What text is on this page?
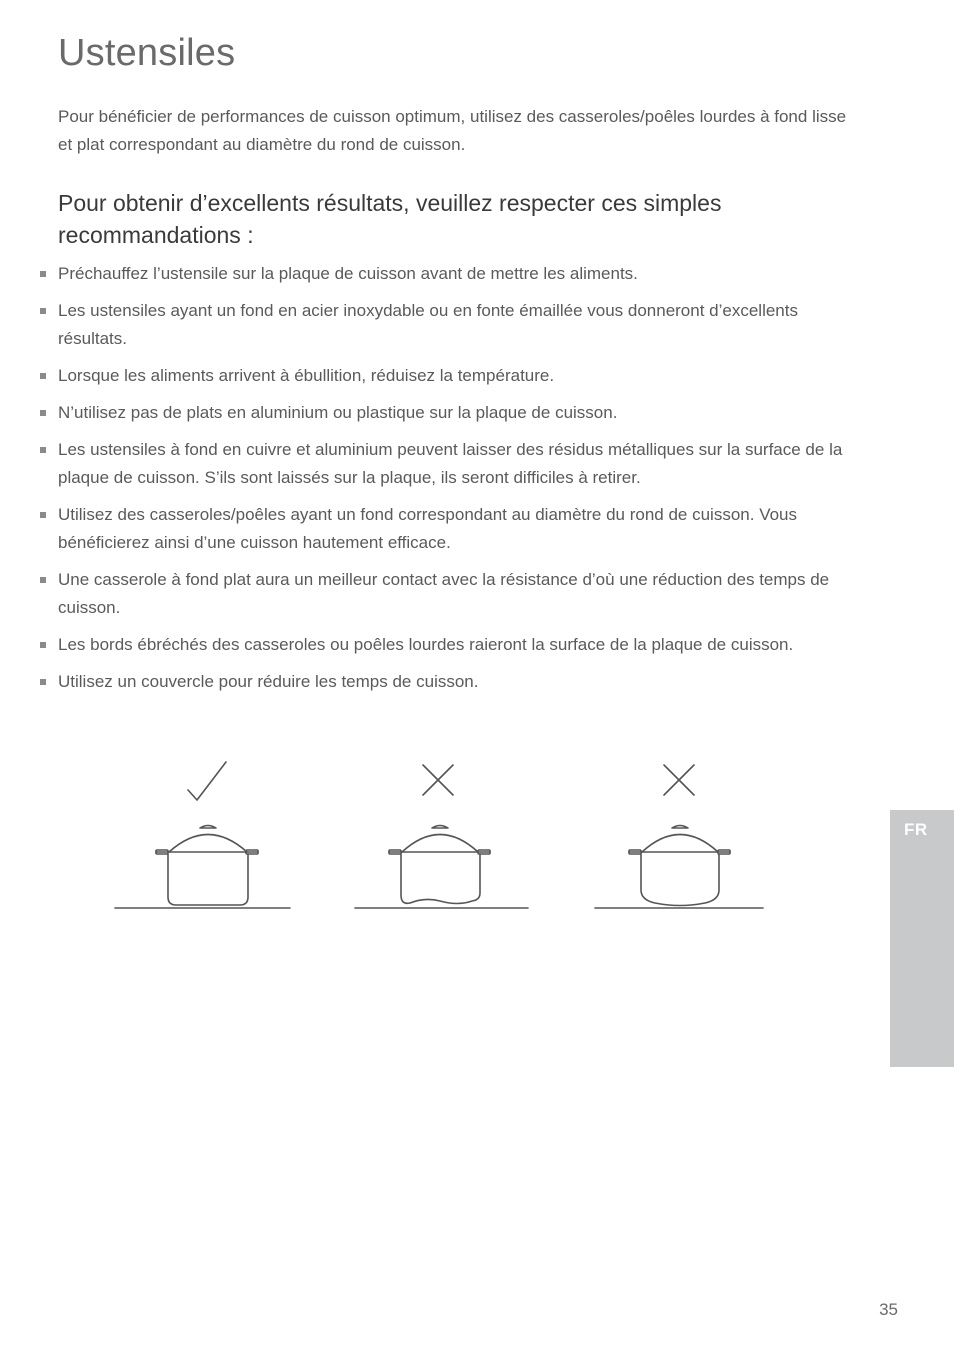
Ustensiles

Pour bénéficier de performances de cuisson optimum, utilisez des casseroles/poêles lourdes à fond lisse et plat correspondant au diamètre du rond de cuisson.

Pour obtenir d’excellents résultats, veuillez respecter ces simples recommandations :
Préchauffez l’ustensile sur la plaque de cuisson avant de mettre les aliments.
Les ustensiles ayant un fond en acier inoxydable ou en fonte émaillée vous donneront d’excellents résultats.
Lorsque les aliments arrivent à ébullition, réduisez la température.
N’utilisez pas de plats en aluminium ou plastique sur la plaque de cuisson.
Les ustensiles à fond en cuivre et aluminium peuvent laisser des résidus métalliques sur la surface de la plaque de cuisson. S’ils sont laissés sur la plaque, ils seront difficiles à retirer.
Utilisez des casseroles/poêles ayant un fond correspondant au diamètre du rond de cuisson. Vous bénéficierez ainsi d’une cuisson hautement efficace.
Une casserole à fond plat aura un meilleur contact avec la résistance d’où une réduction des temps de cuisson.
Les bords ébréchés des casseroles ou poêles lourdes raieront la surface de la plaque de cuisson.
Utilisez un couvercle pour réduire les temps de cuisson.
FR
35
